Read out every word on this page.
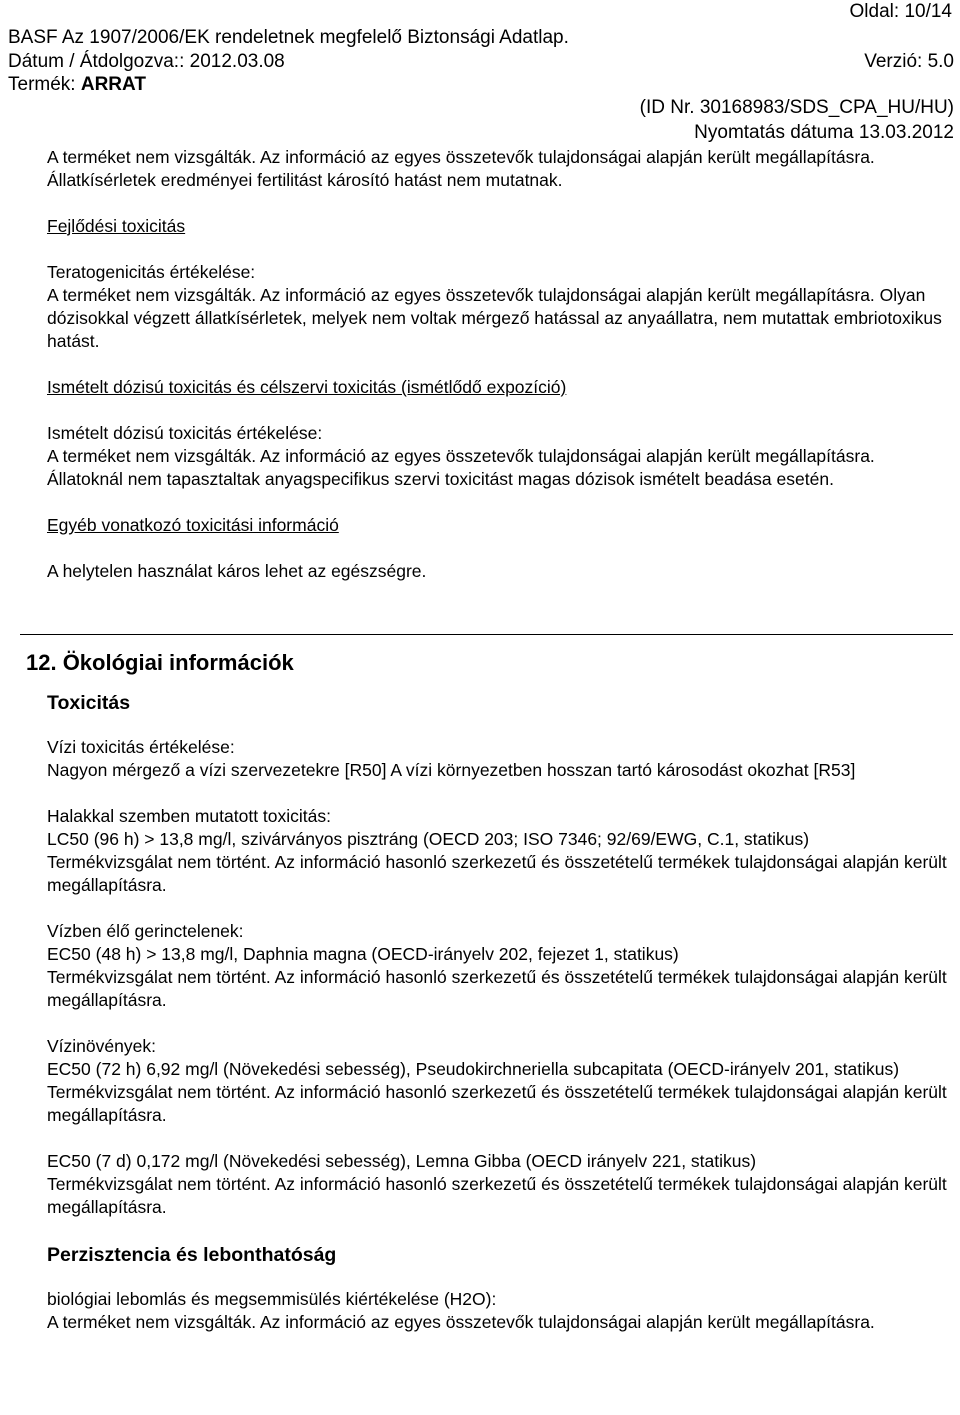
Oldal: 10/14
BASF Az 1907/2006/EK rendeletnek megfelelő Biztonsági Adatlap.
Dátum / Átdolgozva:: 2012.03.08	Verzió: 5.0
Termék: ARRAT
(ID Nr. 30168983/SDS_CPA_HU/HU)
Nyomtatás dátuma 13.03.2012

A terméket nem vizsgálták. Az információ az egyes összetevők tulajdonságai alapján került megállapításra. Állatkísérletek eredményei fertilitást károsító hatást nem mutatnak.

Fejlődési toxicitás

Teratogenicitás értékelése:

A terméket nem vizsgálták. Az információ az egyes összetevők tulajdonságai alapján került megállapításra. Olyan dózisokkal végzett állatkísérletek, melyek nem voltak mérgező hatással az anyaállatra, nem mutattak embriotoxikus hatást.

Ismételt dózisú toxicitás és célszervi toxicitás (ismétlődő expozíció)

Ismételt dózisú toxicitás értékelése:

A terméket nem vizsgálták. Az információ az egyes összetevők tulajdonságai alapján került megállapításra. Állatoknál nem tapasztaltak anyagspecifikus szervi toxicitást magas dózisok ismételt beadása esetén.

Egyéb vonatkozó toxicitási információ

A helytelen használat káros lehet az egészségre.

12. Ökológiai információk

Toxicitás

Vízi toxicitás értékelése:

Nagyon mérgező a vízi szervezetekre [R50] A vízi környezetben hosszan tartó károsodást okozhat [R53]

Halakkal szemben mutatott toxicitás:

LC50 (96 h) > 13,8 mg/l, szivárványos pisztráng (OECD 203; ISO 7346; 92/69/EWG, C.1, statikus)

Termékvizsgálat nem történt. Az információ hasonló szerkezetű és összetételű termékek tulajdonságai alapján került megállapításra.

Vízben élő gerinctelenek:

EC50 (48 h) > 13,8 mg/l, Daphnia magna (OECD-irányelv 202, fejezet 1, statikus)

Termékvizsgálat nem történt. Az információ hasonló szerkezetű és összetételű termékek tulajdonságai alapján került megállapításra.

Vízinövények:

EC50 (72 h) 6,92 mg/l (Növekedési sebesség), Pseudokirchneriella subcapitata (OECD-irányelv 201, statikus)

Termékvizsgálat nem történt. Az információ hasonló szerkezetű és összetételű termékek tulajdonságai alapján került megállapításra.

EC50 (7 d) 0,172 mg/l (Növekedési sebesség), Lemna Gibba (OECD irányelv 221, statikus)

Termékvizsgálat nem történt. Az információ hasonló szerkezetű és összetételű termékek tulajdonságai alapján került megállapításra.

Perzisztencia és lebonthatóság

biológiai lebomlás és megsemmisülés kiértékelése (H2O):

A terméket nem vizsgálták. Az információ az egyes összetevők tulajdonságai alapján került megállapításra.
